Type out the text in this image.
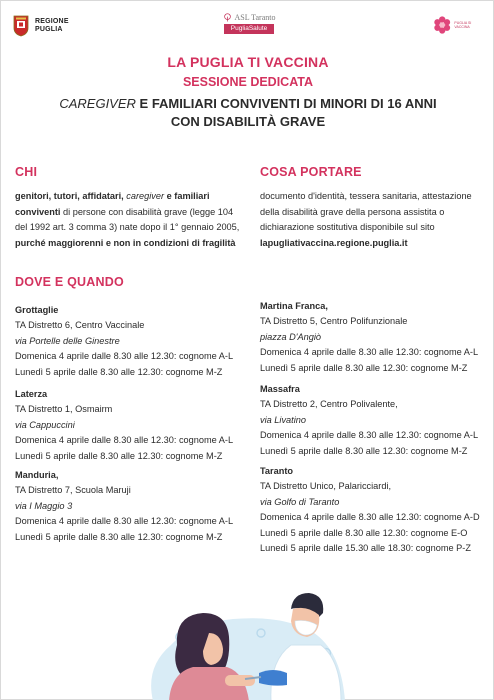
REGIONE
PUGLIA
ASL Taranto
PugliaSalute
PUGLIA SI VACCINA
LA PUGLIA TI VACCINA
SESSIONE DEDICATA
CAREGIVER E FAMILIARI CONVIVENTI DI MINORI DI 16 ANNI
CON DISABILITÀ GRAVE
CHI
genitori, tutori, affidatari, caregiver e familiari conviventi di persone con disabilità grave (legge 104 del 1992 art. 3 comma 3) nate dopo il 1° gennaio 2005, purché maggiorenni e non in condizioni di fragilità
COSA PORTARE
documento d'identità, tessera sanitaria, attestazione della disabilità grave della persona assistita o dichiarazione sostitutiva disponibile sul sito lapugliativaccina.regione.puglia.it
DOVE E QUANDO
Grottaglie
TA Distretto 6, Centro Vaccinale
via Portelle delle Ginestre
Domenica 4 aprile dalle 8.30 alle 12.30: cognome A-L
Lunedì 5 aprile dalle 8.30 alle 12.30: cognome M-Z
Laterza
TA Distretto 1, Osmairm
via Cappuccini
Domenica 4 aprile dalle 8.30 alle 12.30: cognome A-L
Lunedì 5 aprile dalle 8.30 alle 12.30: cognome M-Z
Manduria,
TA Distretto 7, Scuola Maruji
via I Maggio 3
Domenica 4 aprile dalle 8.30 alle 12.30: cognome A-L
Lunedì 5 aprile dalle 8.30 alle 12.30: cognome M-Z
Martina Franca,
TA Distretto 5, Centro Polifunzionale
piazza D'Angiò
Domenica 4 aprile dalle 8.30 alle 12.30: cognome A-L
Lunedì 5 aprile dalle 8.30 alle 12.30: cognome M-Z
Massafra
TA Distretto 2, Centro Polivalente,
via Livatino
Domenica 4 aprile dalle 8.30 alle 12.30: cognome A-L
Lunedì 5 aprile dalle 8.30 alle 12.30: cognome M-Z
Taranto
TA Distretto Unico, Palaricciardi,
via Golfo di Taranto
Domenica 4 aprile dalle 8.30 alle 12.30: cognome A-D
Lunedì 5 aprile dalle 8.30 alle 12.30: cognome E-O
Lunedì 5 aprile dalle 15.30 alle 18.30: cognome P-Z
